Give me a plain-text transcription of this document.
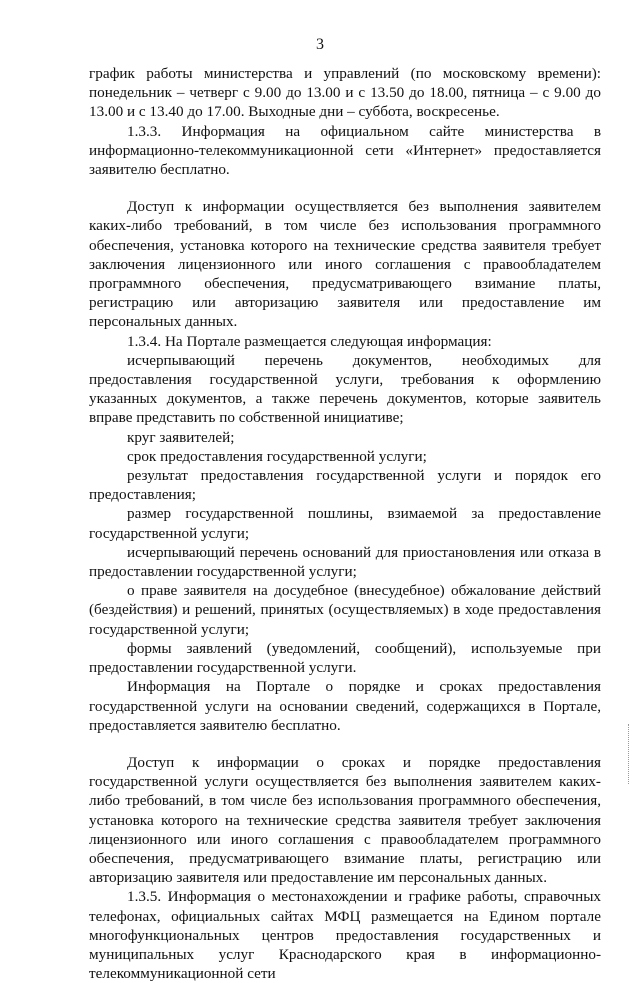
3

график работы министерства и управлений (по московскому времени): понедельник – четверг с 9.00 до 13.00 и с 13.50 до 18.00, пятница – с 9.00 до 13.00 и с 13.40 до 17.00. Выходные дни – суббота, воскресенье.

1.3.3. Информация на официальном сайте министерства в информационно-телекоммуникационной сети «Интернет» предоставляется заявителю бесплатно.

Доступ к информации осуществляется без выполнения заявителем каких-либо требований, в том числе без использования программного обеспечения, установка которого на технические средства заявителя требует заключения лицензионного или иного соглашения с правообладателем программного обеспечения, предусматривающего взимание платы, регистрацию или авторизацию заявителя или предоставление им персональных данных.

1.3.4. На Портале размещается следующая информация:

исчерпывающий перечень документов, необходимых для предоставления государственной услуги, требования к оформлению указанных документов, а также перечень документов, которые заявитель вправе представить по собственной инициативе;

круг заявителей;

срок предоставления государственной услуги;

результат предоставления государственной услуги и порядок его предоставления;

размер государственной пошлины, взимаемой за предоставление государственной услуги;

исчерпывающий перечень оснований для приостановления или отказа в предоставлении государственной услуги;

о праве заявителя на досудебное (внесудебное) обжалование действий (бездействия) и решений, принятых (осуществляемых) в ходе предоставления государственной услуги;

формы заявлений (уведомлений, сообщений), используемые при предоставлении государственной услуги.

Информация на Портале о порядке и сроках предоставления государственной услуги на основании сведений, содержащихся в Портале, предоставляется заявителю бесплатно.

Доступ к информации о сроках и порядке предоставления государственной услуги осуществляется без выполнения заявителем каких-либо требований, в том числе без использования программного обеспечения, установка которого на технические средства заявителя требует заключения лицензионного или иного соглашения с правообладателем программного обеспечения, предусматривающего взимание платы, регистрацию или авторизацию заявителя или предоставление им персональных данных.

1.3.5. Информация о местонахождении и графике работы, справочных телефонах, официальных сайтах МФЦ размещается на Едином портале многофункциональных центров предоставления государственных и муниципальных услуг Краснодарского края в информационно-телекоммуникационной сети
